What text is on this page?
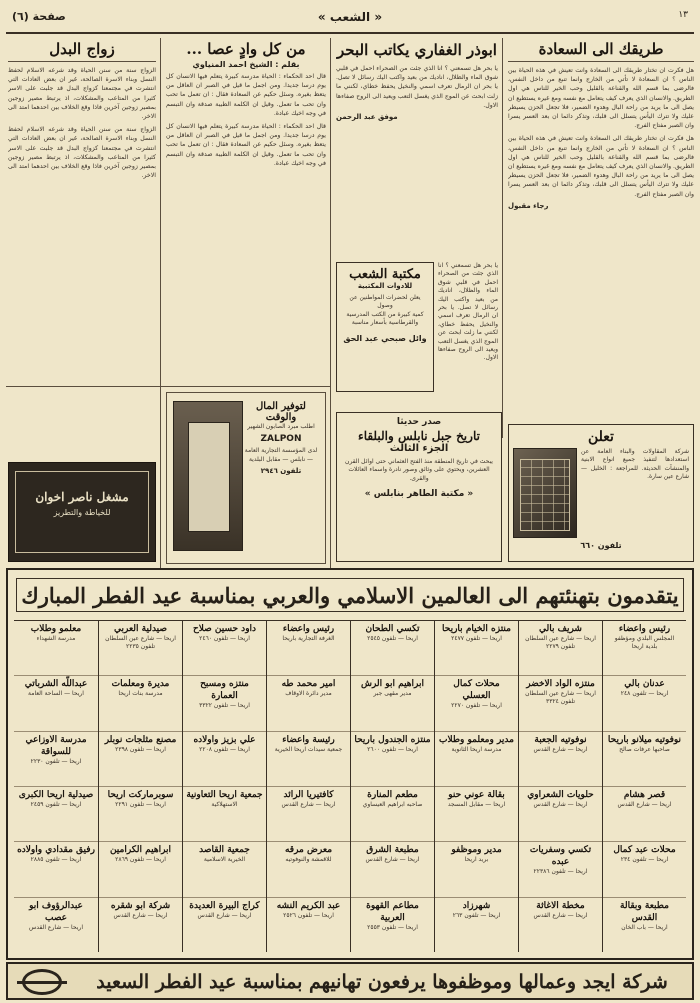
صفحة (٦)	« الشعب »	١٣
طريقك الى السعادة
هل فكرت ان تختار طريقك الى السعادة وانت تعيش في هذه الحياة بين الناس ؟ ان السعادة لا تأتي من الخارج وانما تنبع من داخل النفس، فالرضى بما قسم الله والقناعة بالقليل وحب الخير للناس هي اول الطريق. والانسان الذي يعرف كيف يتعامل مع نفسه ومع غيره يستطيع ان يصل الى ما يريد من راحة البال وهدوء الضمير، فلا تجعل الحزن يسيطر عليك ولا تترك اليأس يتسلل الى قلبك، وتذكر دائما ان بعد العسر يسرا وان الصبر مفتاح الفرج.
هل فكرت ان تختار طريقك الى السعادة وانت تعيش في هذه الحياة بين الناس ؟ ان السعادة لا تأتي من الخارج وانما تنبع من داخل النفس، فالرضى بما قسم الله والقناعة بالقليل وحب الخير للناس هي اول الطريق. والانسان الذي يعرف كيف يتعامل مع نفسه ومع غيره يستطيع ان يصل الى ما يريد من راحة البال وهدوء الضمير، فلا تجعل الحزن يسيطر عليك ولا تترك اليأس يتسلل الى قلبك، وتذكر دائما ان بعد العسر يسرا وان الصبر مفتاح الفرج.
رجاء مقبول
ابوذر الغفاري يكاتب البحر
يا بحر هل تسمعني ؟ انا الذي جئت من الصحراء احمل في قلبي شوق الماء والظلال، اناديك من بعيد واكتب اليك رسائل لا تصل. يا بحر ان الرمال تعرف اسمي والنخيل يحفظ خطاي، لكنني ما زلت ابحث عن الموج الذي يغسل التعب ويعيد الى الروح صفاءها الاول.
موفق عبد الرحمن
مكتبة الشعب
للادوات المكتبية
يعلن لحضرات المواطنين عن وصول
كمية كبيرة من الكتب المدرسية
والقرطاسية بأسعار مناسبة
وائل صبحي عبد الحق
يا بحر هل تسمعني ؟ انا الذي جئت من الصحراء احمل في قلبي شوق الماء والظلال، اناديك من بعيد واكتب اليك رسائل لا تصل. يا بحر ان الرمال تعرف اسمي والنخيل يحفظ خطاي، لكنني ما زلت ابحث عن الموج الذي يغسل التعب ويعيد الى الروح صفاءها الاول.
من كل وادٍ عصا ...
بقلم : الشيخ احمد المنياوي
قال احد الحكماء : الحياة مدرسة كبيرة يتعلم فيها الانسان كل يوم درسا جديدا. ومن اجمل ما قيل في الصبر ان العاقل من يتعظ بغيره. وسئل حكيم عن السعادة فقال : ان تعمل ما تحب وان تحب ما تعمل. وقيل ان الكلمة الطيبة صدقة وان التبسم في وجه اخيك عبادة.
قال احد الحكماء : الحياة مدرسة كبيرة يتعلم فيها الانسان كل يوم درسا جديدا. ومن اجمل ما قيل في الصبر ان العاقل من يتعظ بغيره. وسئل حكيم عن السعادة فقال : ان تعمل ما تحب وان تحب ما تعمل. وقيل ان الكلمة الطيبة صدقة وان التبسم في وجه اخيك عبادة.
زواج البدل
الزواج سنة من سنن الحياة وقد شرعه الاسلام لحفظ النسل وبناء الاسرة الصالحة، غير ان بعض العادات التي انتشرت في مجتمعنا كزواج البدل قد جلبت على الاسر كثيرا من المتاعب والمشكلات، اذ يرتبط مصير زوجين بمصير زوجين آخرين فاذا وقع الخلاف بين احدهما امتد الى الاخر.
الزواج سنة من سنن الحياة وقد شرعه الاسلام لحفظ النسل وبناء الاسرة الصالحة، غير ان بعض العادات التي انتشرت في مجتمعنا كزواج البدل قد جلبت على الاسر كثيرا من المتاعب والمشكلات، اذ يرتبط مصير زوجين بمصير زوجين آخرين فاذا وقع الخلاف بين احدهما امتد الى الاخر.
تعلن
شركة المقاولات والبناء العامة عن استعدادها لتنفيذ جميع انواع الابنية والمنشآت الحديثة. للمراجعة : الخليل — شارع عين سارة.
تلفون ٦٦٠
صدر حديثا
تاريخ جبل نابلس والبلقاء
الجزء الثالث
يبحث في تاريخ المنطقة منذ الفتح العثماني حتى اوائل القرن العشرين، ويحتوي على وثائق وصور نادرة واسماء العائلات والقرى.
« مكتبة الطاهر بنابلس »
لتوفير المال والوقت
اطلب مبرد الصابون الشهير
ZALPON
لدى المؤسسة التجارية العامة — نابلس — مقابل البلدية
تلفون ٢٩٤٦
مشغل ناصر اخوان
للخياطة والتطريز
يتقدمون بتهنئتهم الى العالمين الاسلامي والعربي بمناسبة عيد الفطر المبارك
رئيس واعضاء
المجلس البلدي ومؤظفو
بلدية اريحا
عدنان بالي
اريحا — تلفون ٢٤٨
نوفوتيه ميلانو باريحا
صاحبها عرفات صالح
قصر هشام
اريحا — شارع القدس
محلات عبد كمال
اريحا — تلفون ٢٣٤
مطبعة وبقالة القدس
اريحا — باب الخان
شريف بالي
اريحا — شارع عين السلطان
تلفون ٢٢٧٩
منتزه الواد الاخضر
اريحا — شارع عين السلطان
تلفون ٣٣٢٤
نوفوتيه الجعبة
اريحا — شارع القدس
حلويات الشعراوي
اريحا — شارع القدس
تكسي وسفريات عبده
اريحا — تلفون ٢٢٣٨٦
مخطة الاغاثة
اريحا — شارع القدس
منتزه الخيام باريحا
اريحا — تلفون ٢٤٧٧
محلات كمال العسلي
اريحا — تلفون ٢٢٧٠
مدير ومعلمو وطلاب
مدرسة اريحا الثانوية
بقالة عوني حنو
اريحا — مقابل المسجد
مدير وموظفو
بريد اريحا
شهرزاد
اريحا — تلفون ٢٦٣
تكسي الطحان
اريحا — تلفون ٢٥٤٥
ابراهيم ابو الرش
مدير مقهى جبر
منتزه الجندول باريحا
اريحا — تلفون ٢٦٠٠
مطعم المنارة
صاحبه ابراهيم العيساوي
مطبعة الشرق
اريحا — شارع القدس
مطاعم القهوة العربية
اريحا — تلفون ٢٥٥٣
رئيس واعضاء
الغرفة التجارية باريحا
امير محمد طه
مدير دائرة الاوقاف
رئيسة واعضاء
جمعية سيدات اريحا الخيرية
كافتيريا الرائد
اريحا — شارع القدس
معرض مرقه
للاقمشة والنوفوتيه
عبد الكريم النشه
اريحا — تلفون ٢٥٢٦
داود حسين صلاح
اريحا — تلفون ٢٤٦٠
منتزه ومسبح العمارة
اريحا — تلفون ٣٣٢٢
علي بزيز واولاده
اريحا — تلفون ٢٢٠٨
جمعية اريحا التعاونية
الاستهلاكية
جمعية القاصد
الخيرية الاسلامية
كراج البيرة العديدة
اريحا — شارع القدس
صيدلية العربي
اريحا — شارع عين السلطان
تلفون ٢٢٣٥
مديرة ومعلمات
مدرسة بنات اريحا
مصنع مثلجات نوبلر
اريحا — تلفون ٢٣٩٨
سوبرماركت اريحا
اريحا — تلفون ٢٢٩١
ابراهيم الكرامين
اريحا — تلفون ٢٨٦٩
شركة ابو شقره
اريحا — شارع القدس
معلمو وطلاب
مدرسة الشهداء
عبداللّه الشرباتي
اريحا — الساحة العامة
مدرسة الاوزاعي للسواقة
اريحا — تلفون ٢٢٣٠
صيدلية اريحا الكبرى
اريحا — تلفون ٢٤٥٩
رفيق مقدادي واولاده
اريحا — تلفون ٢٨٨٥
عبدالرؤوف ابو عصب
اريحا — شارع القدس
شركة ايجد وعمالها وموظفوها يرفعون تهانيهم بمناسبة عيد الفطر السعيد
